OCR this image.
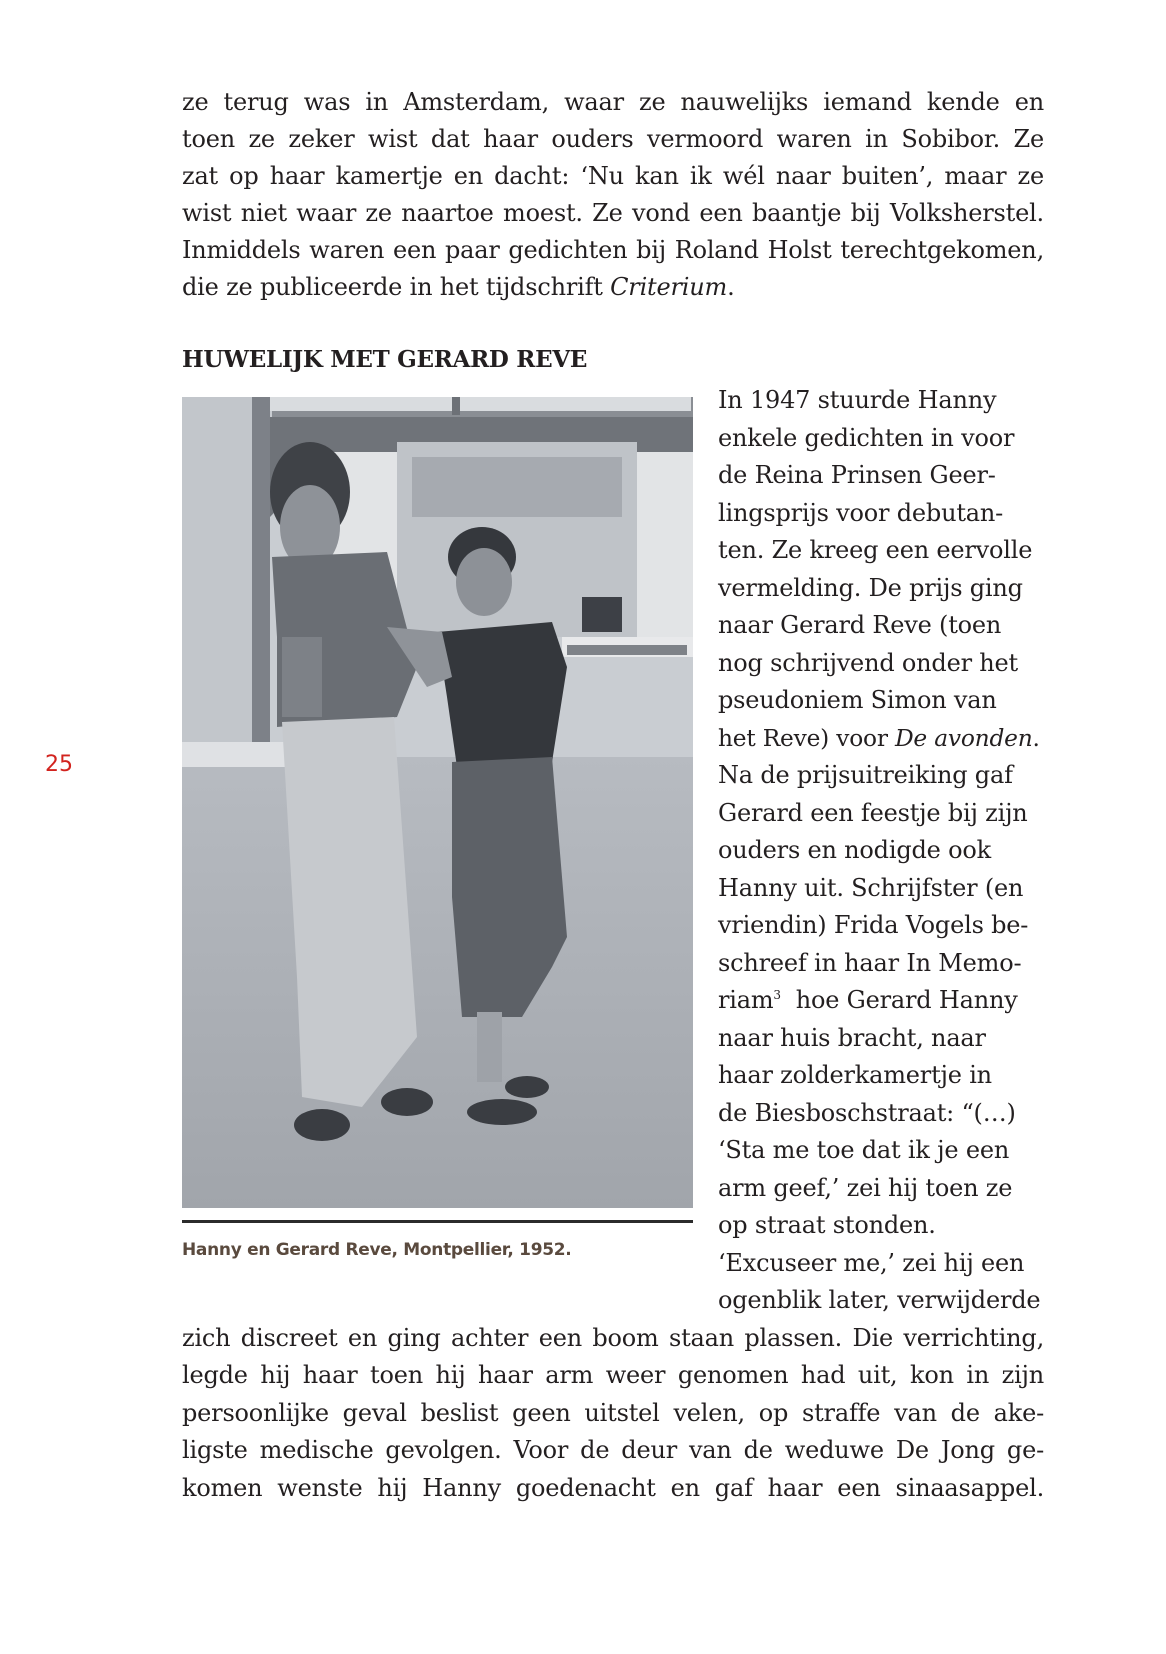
ze terug was in Amsterdam, waar ze nauwelijks iemand kende en
toen ze zeker wist dat haar ouders vermoord waren in Sobibor. Ze
zat op haar kamertje en dacht: ‘Nu kan ik wél naar buiten’, maar ze
wist niet waar ze naartoe moest. Ze vond een baantje bij Volksherstel.
Inmiddels waren een paar gedichten bij Roland Holst terechtgekomen,
die ze publiceerde in het tijdschrift Criterium.
HUWELIJK MET GERARD REVE
Hanny en Gerard Reve, Montpellier, 1952.
25
In 1947 stuurde Hanny
enkele gedichten in voor
de Reina Prinsen Geer-
lingsprijs voor debutan-
ten. Ze kreeg een eervolle
vermelding. De prijs ging
naar Gerard Reve (toen
nog schrijvend onder het
pseudoniem Simon van
het Reve) voor De avonden.
Na de prijsuitreiking gaf
Gerard een feestje bij zijn
ouders en nodigde ook
Hanny uit. Schrijfster (en
vriendin) Frida Vogels be-
schreef in haar In Memo-
riam$^3$  hoe Gerard Hanny
naar huis bracht, naar
haar zolderkamertje in
de Biesboschstraat: “(…)
‘Sta me toe dat ik je een
arm geef,’ zei hij toen ze
op straat stonden.
‘Excuseer me,’ zei hij een
ogenblik later, verwijderde
zich discreet en ging achter een boom staan plassen. Die verrichting,
legde hij haar toen hij haar arm weer genomen had uit, kon in zijn
persoonlijke geval beslist geen uitstel velen, op straffe van de ake-
ligste medische gevolgen. Voor de deur van de weduwe De Jong ge-
komen wenste hij Hanny goedenacht en gaf haar een sinaasappel.
